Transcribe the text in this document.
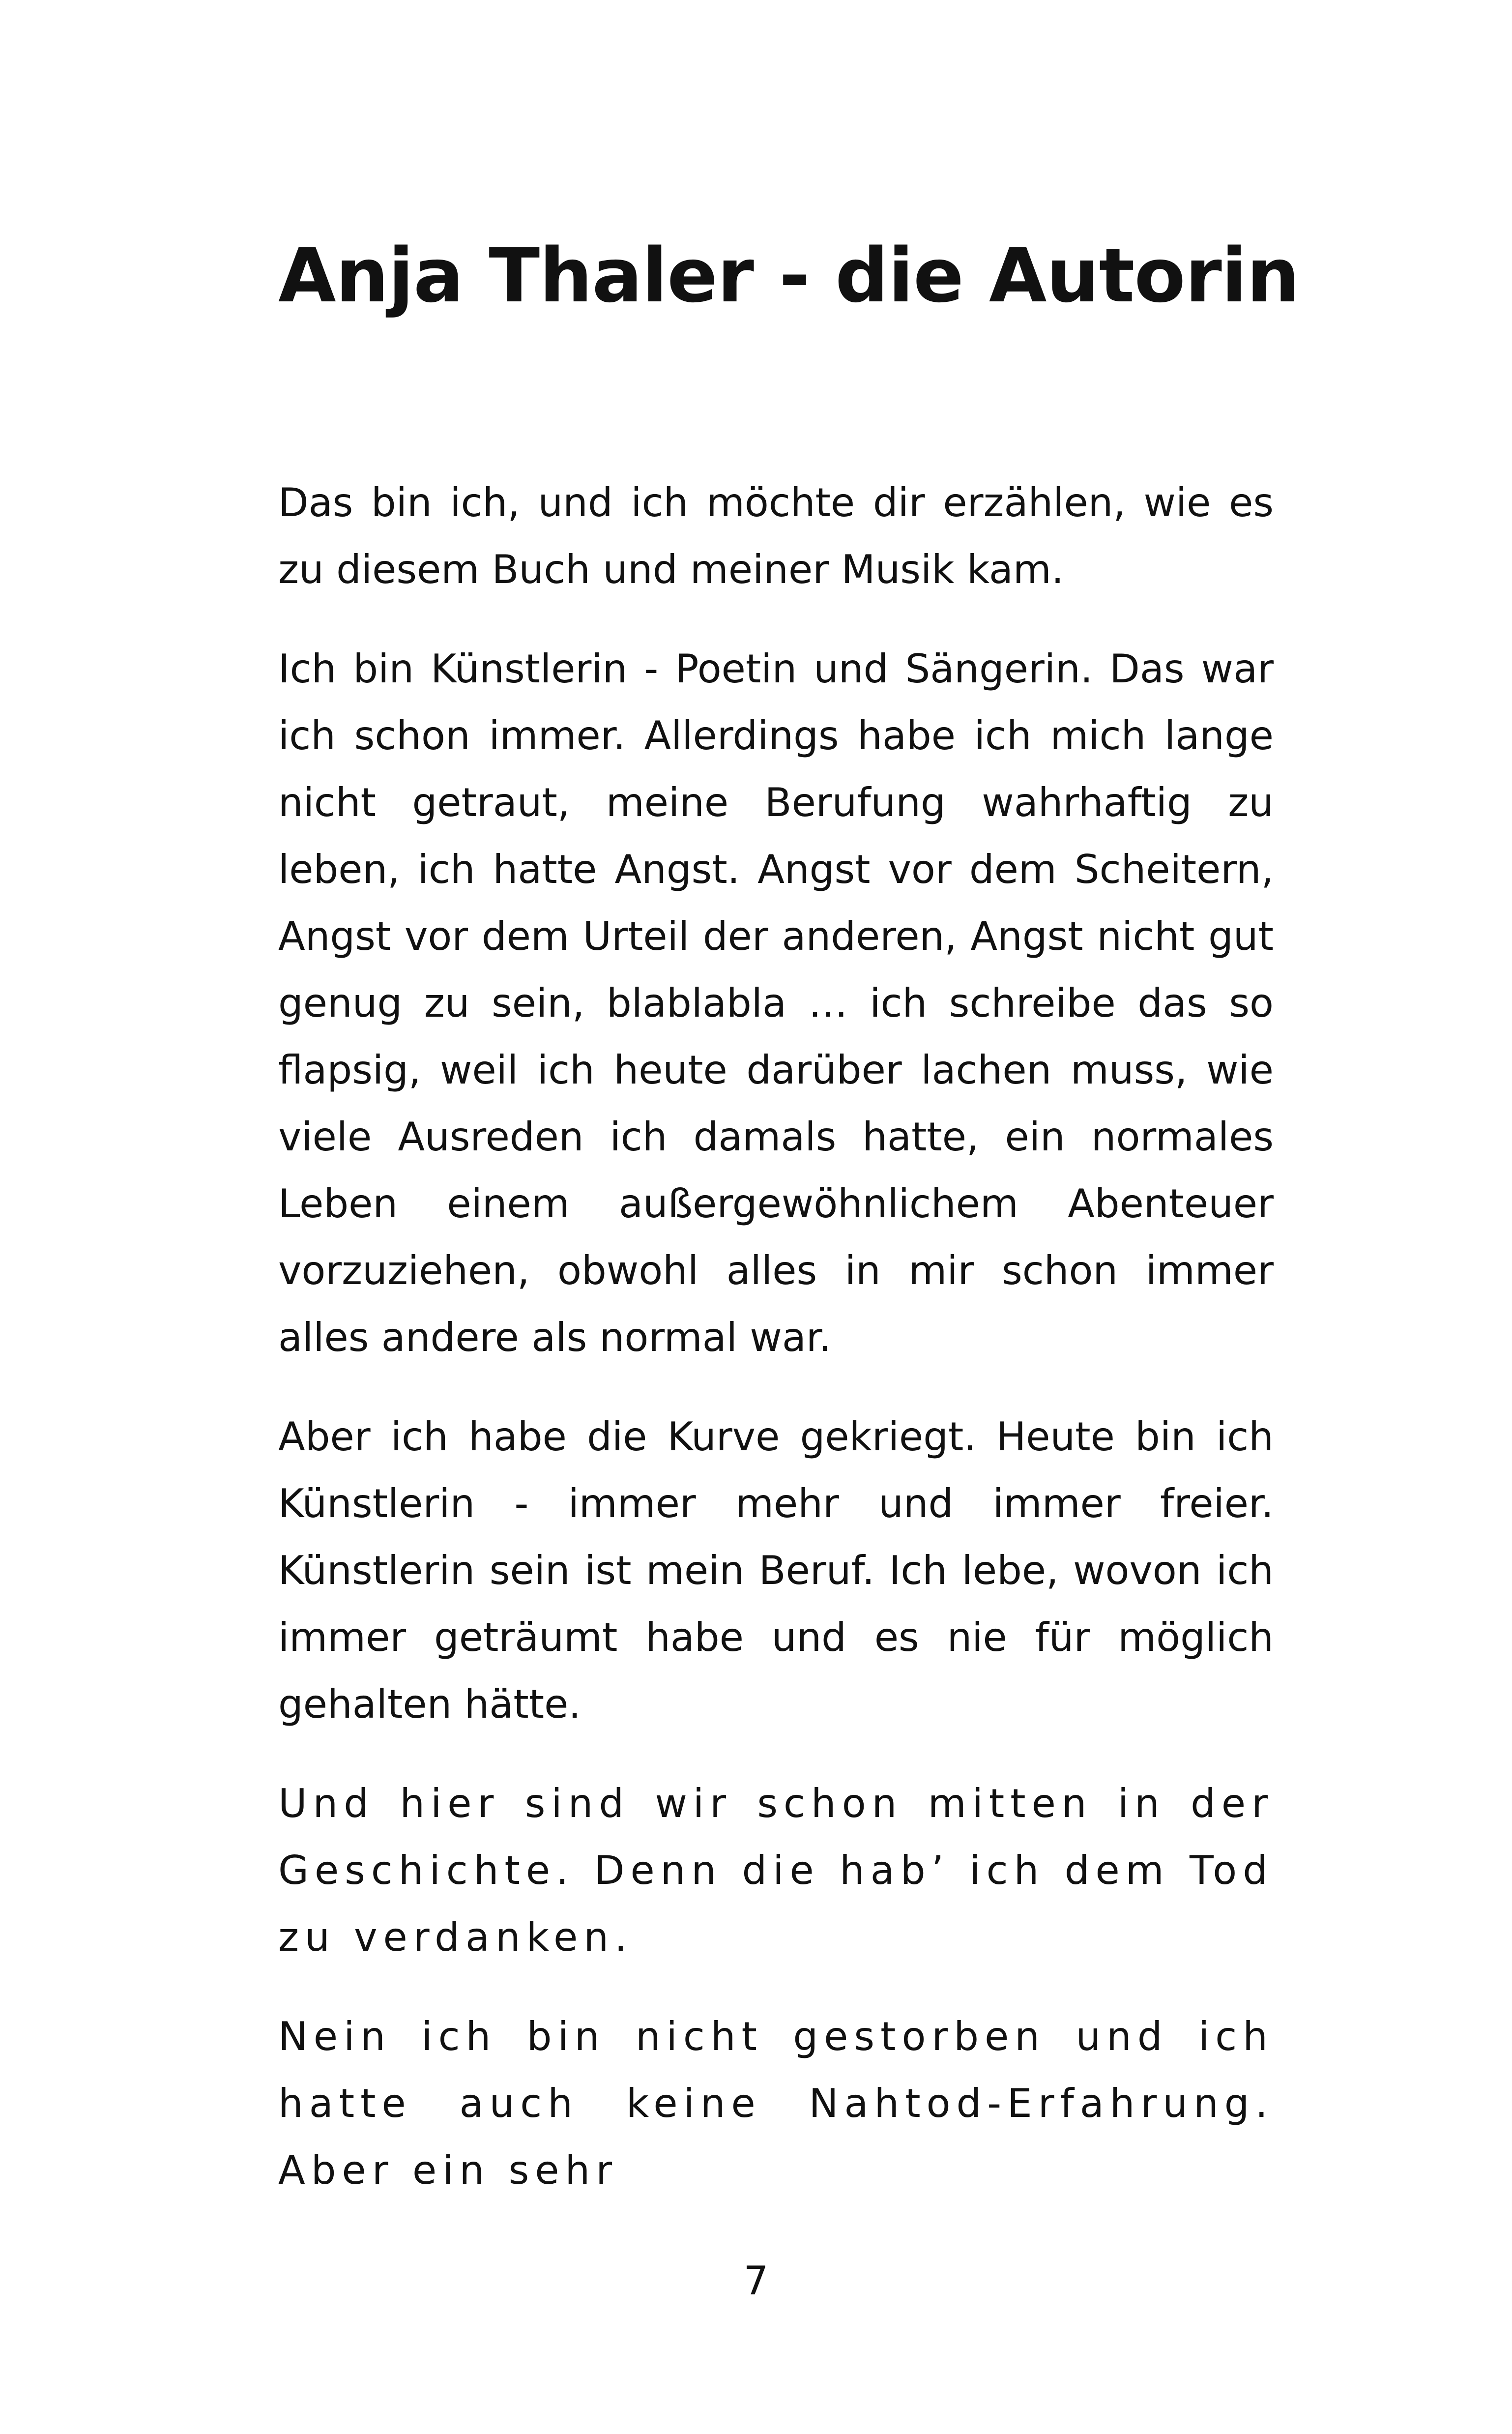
Anja Thaler - die Autorin

Das bin ich, und ich möchte dir erzählen, wie es zu diesem Buch und meiner Musik kam.

Ich bin Künstlerin - Poetin und Sängerin. Das war ich schon immer. Allerdings habe ich mich lange nicht getraut, meine Berufung wahrhaftig zu leben, ich hatte Angst. Angst vor dem Scheitern, Angst vor dem Urteil der anderen, Angst nicht gut genug zu sein, blablabla … ich schreibe das so flapsig, weil ich heute darüber lachen muss, wie viele Ausreden ich damals hatte, ein normales Leben einem außergewöhnlichem Abenteuer vorzuziehen, obwohl alles in mir schon immer alles andere als normal war.

Aber ich habe die Kurve gekriegt. Heute bin ich Künstlerin - immer mehr und immer freier. Künstlerin sein ist mein Beruf. Ich lebe, wovon ich immer geträumt habe und es nie für möglich gehalten hätte.

Und hier sind wir schon mitten in der Geschichte. Denn die hab’ ich dem Tod zu verdanken.

Nein ich bin nicht gestorben und ich hatte auch keine Nahtod-Erfahrung. Aber ein sehr

7
